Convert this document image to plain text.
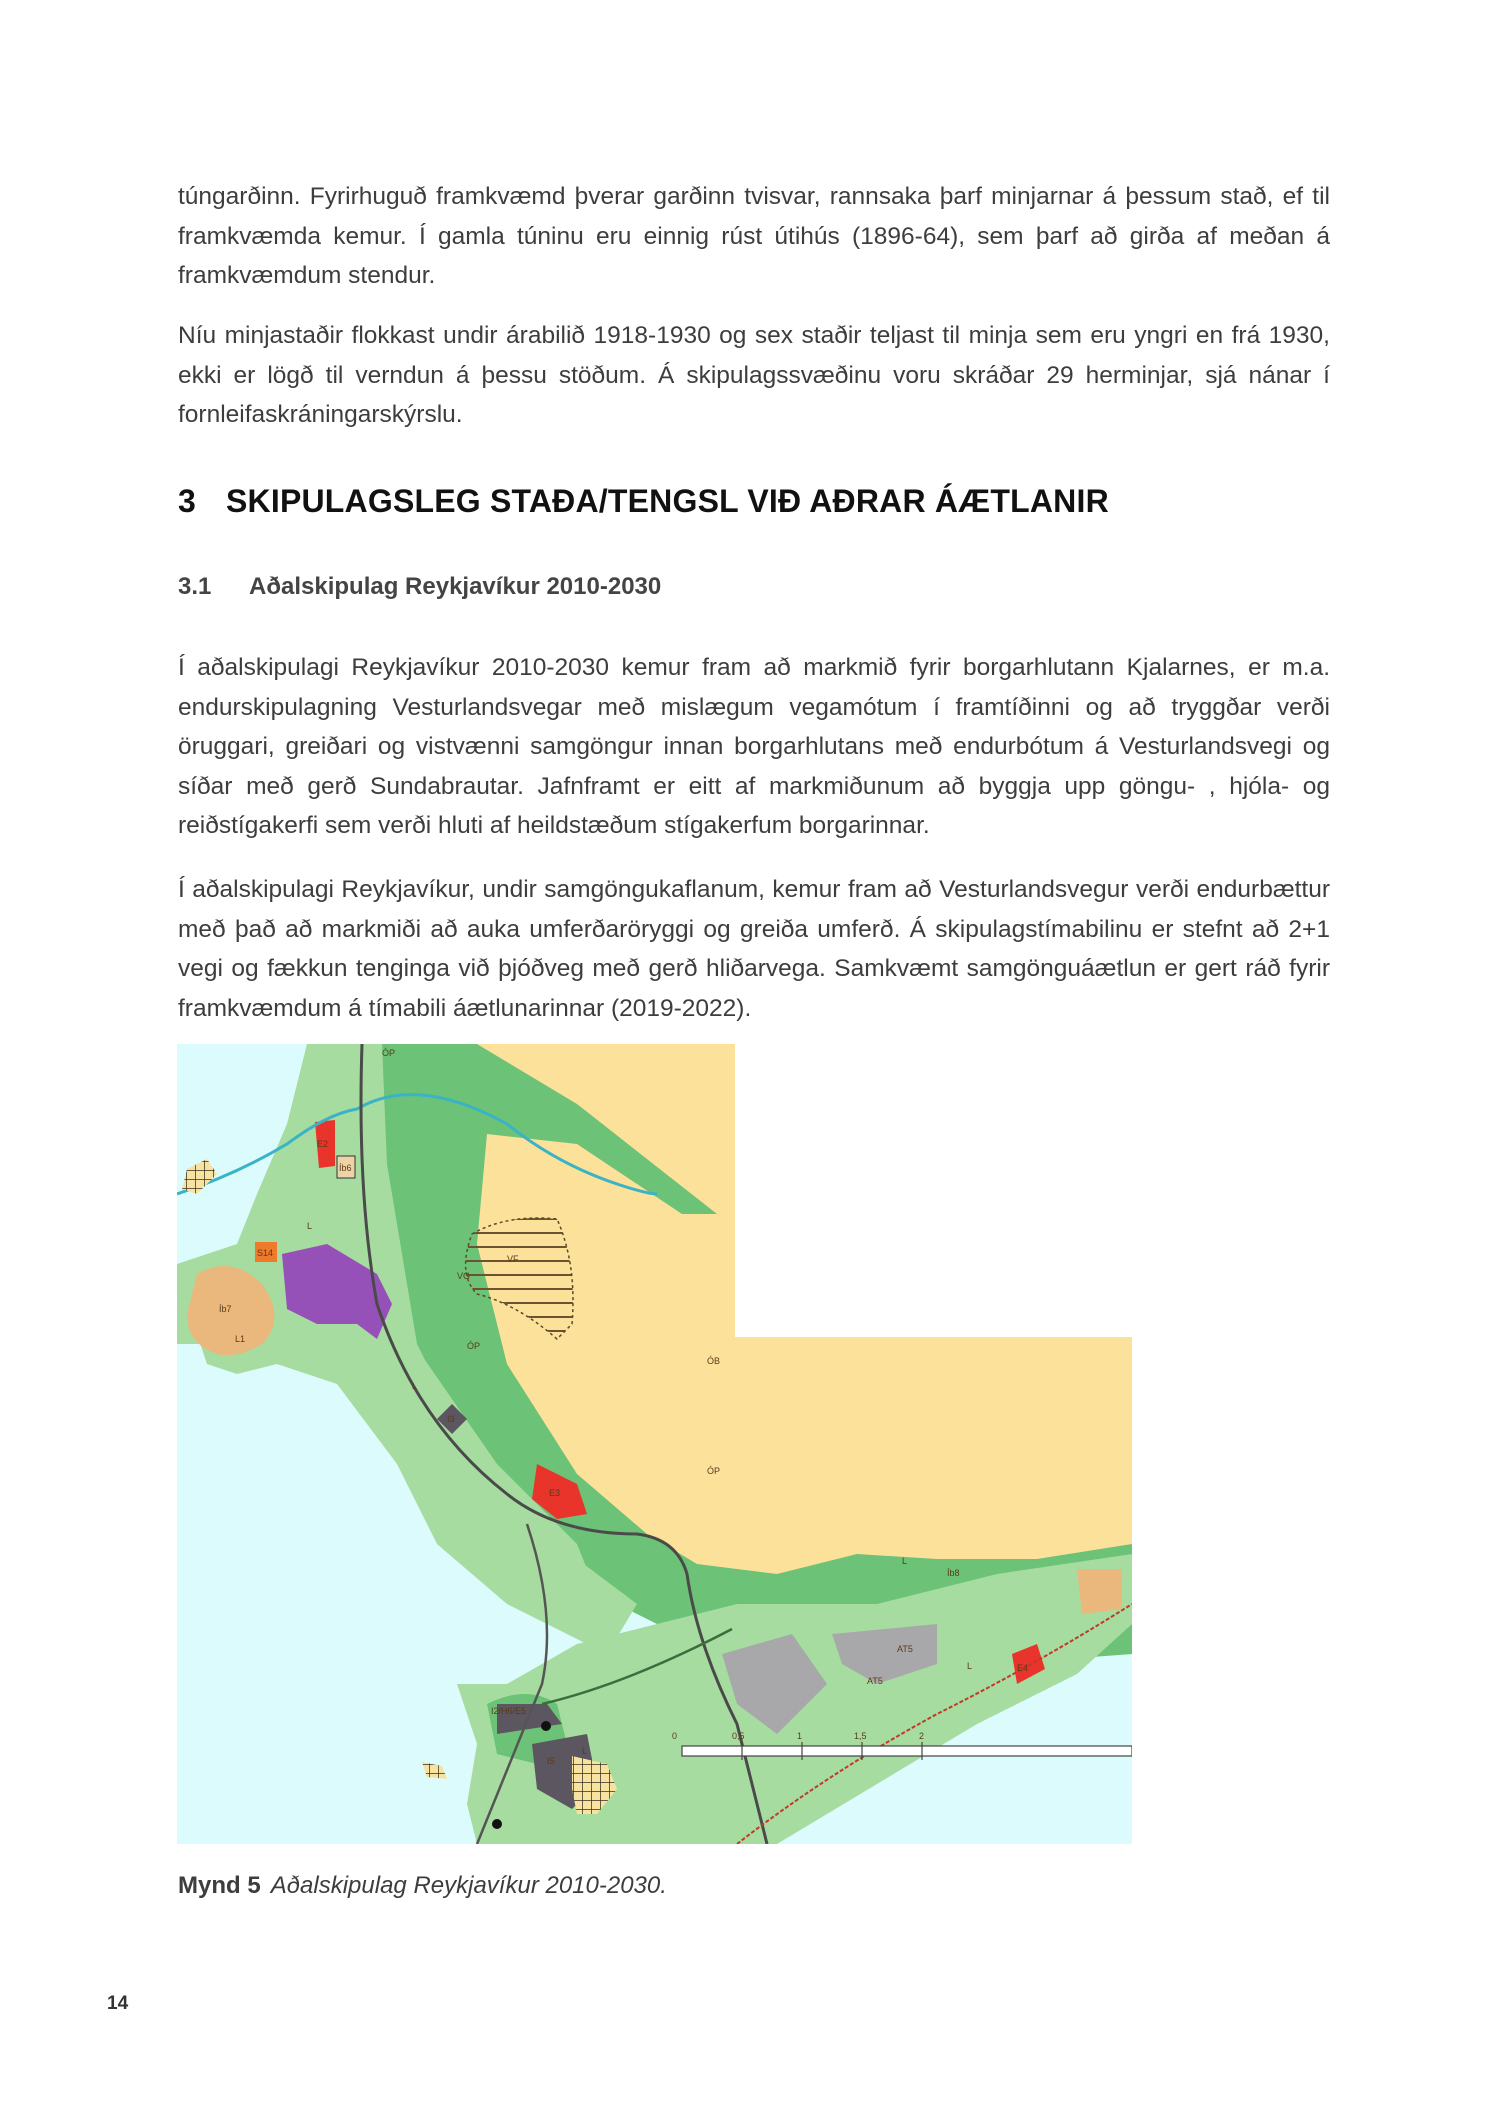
túngarðinn. Fyrirhuguð framkvæmd þverar garðinn tvisvar, rannsaka þarf minjarnar á þessum stað, ef til framkvæmda kemur. Í gamla túninu eru einnig rúst útihús (1896-64), sem þarf að girða af meðan á framkvæmdum stendur.

Níu minjastaðir flokkast undir árabilið 1918-1930 og sex staðir teljast til minja sem eru yngri en frá 1930, ekki er lögð til verndun á þessu stöðum. Á skipulagssvæðinu voru skráðar 29 herminjar, sjá nánar í fornleifaskráningarskýrslu.

3 SKIPULAGSLEG STAÐA/TENGSL VIÐ AÐRAR ÁÆTLANIR
3.1 Aðalskipulag Reykjavíkur 2010-2030

Í aðalskipulagi Reykjavíkur 2010-2030 kemur fram að markmið fyrir borgarhlutann Kjalarnes, er m.a. endurskipulagning Vesturlandsvegar með mislægum vegamótum í framtíðinni og að tryggðar verði öruggari, greiðari og vistvænni samgöngur innan borgarhlutans með endurbótum á Vesturlandsvegi og síðar með gerð Sundabrautar. Jafnframt er eitt af markmiðunum að byggja upp göngu- , hjóla- og reiðstígakerfi sem verði hluti af heildstæðum stígakerfum borgarinnar.

Í aðalskipulagi Reykjavíkur, undir samgöngukaflanum, kemur fram að Vesturlandsvegur verði endurbættur með það að markmiði að auka umferðaröryggi og greiða umferð. Á skipulagstímabilinu er stefnt að 2+1 vegi og fækkun tenginga við þjóðveg með gerð hliðarvega. Samkvæmt samgönguáætlun er gert ráð fyrir framkvæmdum á tímabili áætlunarinnar (2019-2022).

ÓP
E2
Íb6
L
S14
VF
VG
Íb7
L1
ÓP
ÓB
L
I3
E3
ÓP
L
Íb8
AT5
AT5
E4
L
I2/H6/E5
I5
L
0	0,5	1	1,5	2
Mynd 5 Aðalskipulag Reykjavíkur 2010-2030.
14
